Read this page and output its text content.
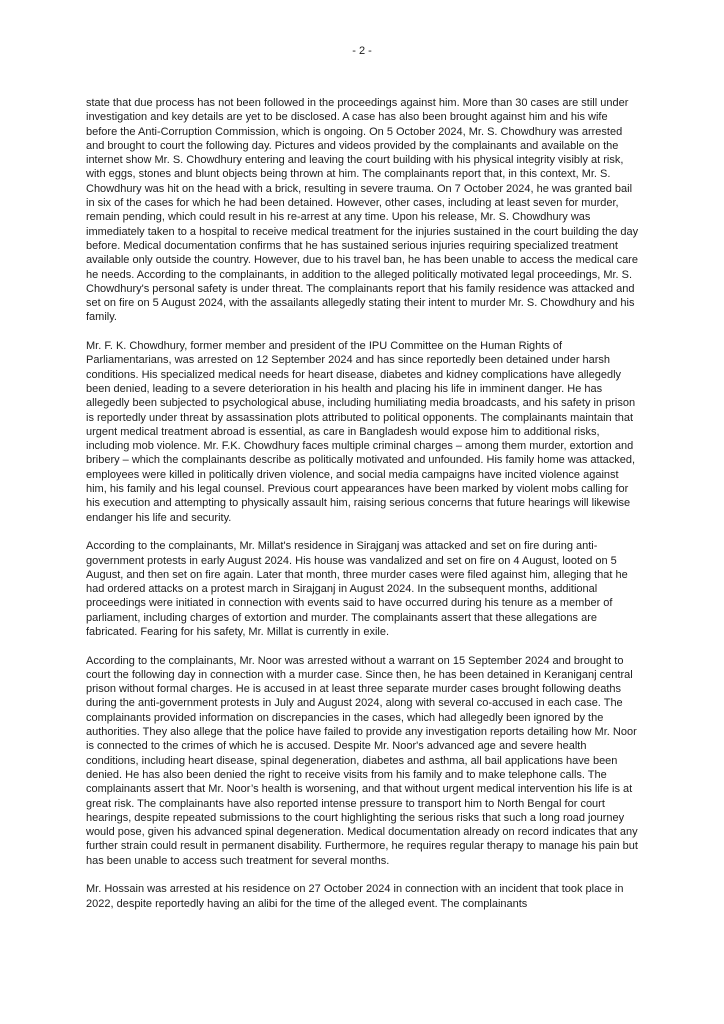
- 2 -

state that due process has not been followed in the proceedings against him. More than 30 cases are still under investigation and key details are yet to be disclosed. A case has also been brought against him and his wife before the Anti-Corruption Commission, which is ongoing. On 5 October 2024, Mr. S. Chowdhury was arrested and brought to court the following day. Pictures and videos provided by the complainants and available on the internet show Mr. S. Chowdhury entering and leaving the court building with his physical integrity visibly at risk, with eggs, stones and blunt objects being thrown at him. The complainants report that, in this context, Mr. S. Chowdhury was hit on the head with a brick, resulting in severe trauma. On 7 October 2024, he was granted bail in six of the cases for which he had been detained. However, other cases, including at least seven for murder, remain pending, which could result in his re-arrest at any time. Upon his release, Mr. S. Chowdhury was immediately taken to a hospital to receive medical treatment for the injuries sustained in the court building the day before. Medical documentation confirms that he has sustained serious injuries requiring specialized treatment available only outside the country. However, due to his travel ban, he has been unable to access the medical care he needs. According to the complainants, in addition to the alleged politically motivated legal proceedings, Mr. S. Chowdhury's personal safety is under threat. The complainants report that his family residence was attacked and set on fire on 5 August 2024, with the assailants allegedly stating their intent to murder Mr. S. Chowdhury and his family.

Mr. F. K. Chowdhury, former member and president of the IPU Committee on the Human Rights of Parliamentarians, was arrested on 12 September 2024 and has since reportedly been detained under harsh conditions. His specialized medical needs for heart disease, diabetes and kidney complications have allegedly been denied, leading to a severe deterioration in his health and placing his life in imminent danger. He has allegedly been subjected to psychological abuse, including humiliating media broadcasts, and his safety in prison is reportedly under threat by assassination plots attributed to political opponents. The complainants maintain that urgent medical treatment abroad is essential, as care in Bangladesh would expose him to additional risks, including mob violence. Mr. F.K. Chowdhury faces multiple criminal charges – among them murder, extortion and bribery – which the complainants describe as politically motivated and unfounded. His family home was attacked, employees were killed in politically driven violence, and social media campaigns have incited violence against him, his family and his legal counsel. Previous court appearances have been marked by violent mobs calling for his execution and attempting to physically assault him, raising serious concerns that future hearings will likewise endanger his life and security.

According to the complainants, Mr. Millat's residence in Sirajganj was attacked and set on fire during anti-government protests in early August 2024. His house was vandalized and set on fire on 4 August, looted on 5 August, and then set on fire again. Later that month, three murder cases were filed against him, alleging that he had ordered attacks on a protest march in Sirajganj in August 2024. In the subsequent months, additional proceedings were initiated in connection with events said to have occurred during his tenure as a member of parliament, including charges of extortion and murder. The complainants assert that these allegations are fabricated. Fearing for his safety, Mr. Millat is currently in exile.

According to the complainants, Mr. Noor was arrested without a warrant on 15 September 2024 and brought to court the following day in connection with a murder case. Since then, he has been detained in Keraniganj central prison without formal charges. He is accused in at least three separate murder cases brought following deaths during the anti-government protests in July and August 2024, along with several co-accused in each case. The complainants provided information on discrepancies in the cases, which had allegedly been ignored by the authorities. They also allege that the police have failed to provide any investigation reports detailing how Mr. Noor is connected to the crimes of which he is accused. Despite Mr. Noor's advanced age and severe health conditions, including heart disease, spinal degeneration, diabetes and asthma, all bail applications have been denied. He has also been denied the right to receive visits from his family and to make telephone calls. The complainants assert that Mr. Noor’s health is worsening, and that without urgent medical intervention his life is at great risk. The complainants have also reported intense pressure to transport him to North Bengal for court hearings, despite repeated submissions to the court highlighting the serious risks that such a long road journey would pose, given his advanced spinal degeneration. Medical documentation already on record indicates that any further strain could result in permanent disability. Furthermore, he requires regular therapy to manage his pain but has been unable to access such treatment for several months.

Mr. Hossain was arrested at his residence on 27 October 2024 in connection with an incident that took place in 2022, despite reportedly having an alibi for the time of the alleged event. The complainants
